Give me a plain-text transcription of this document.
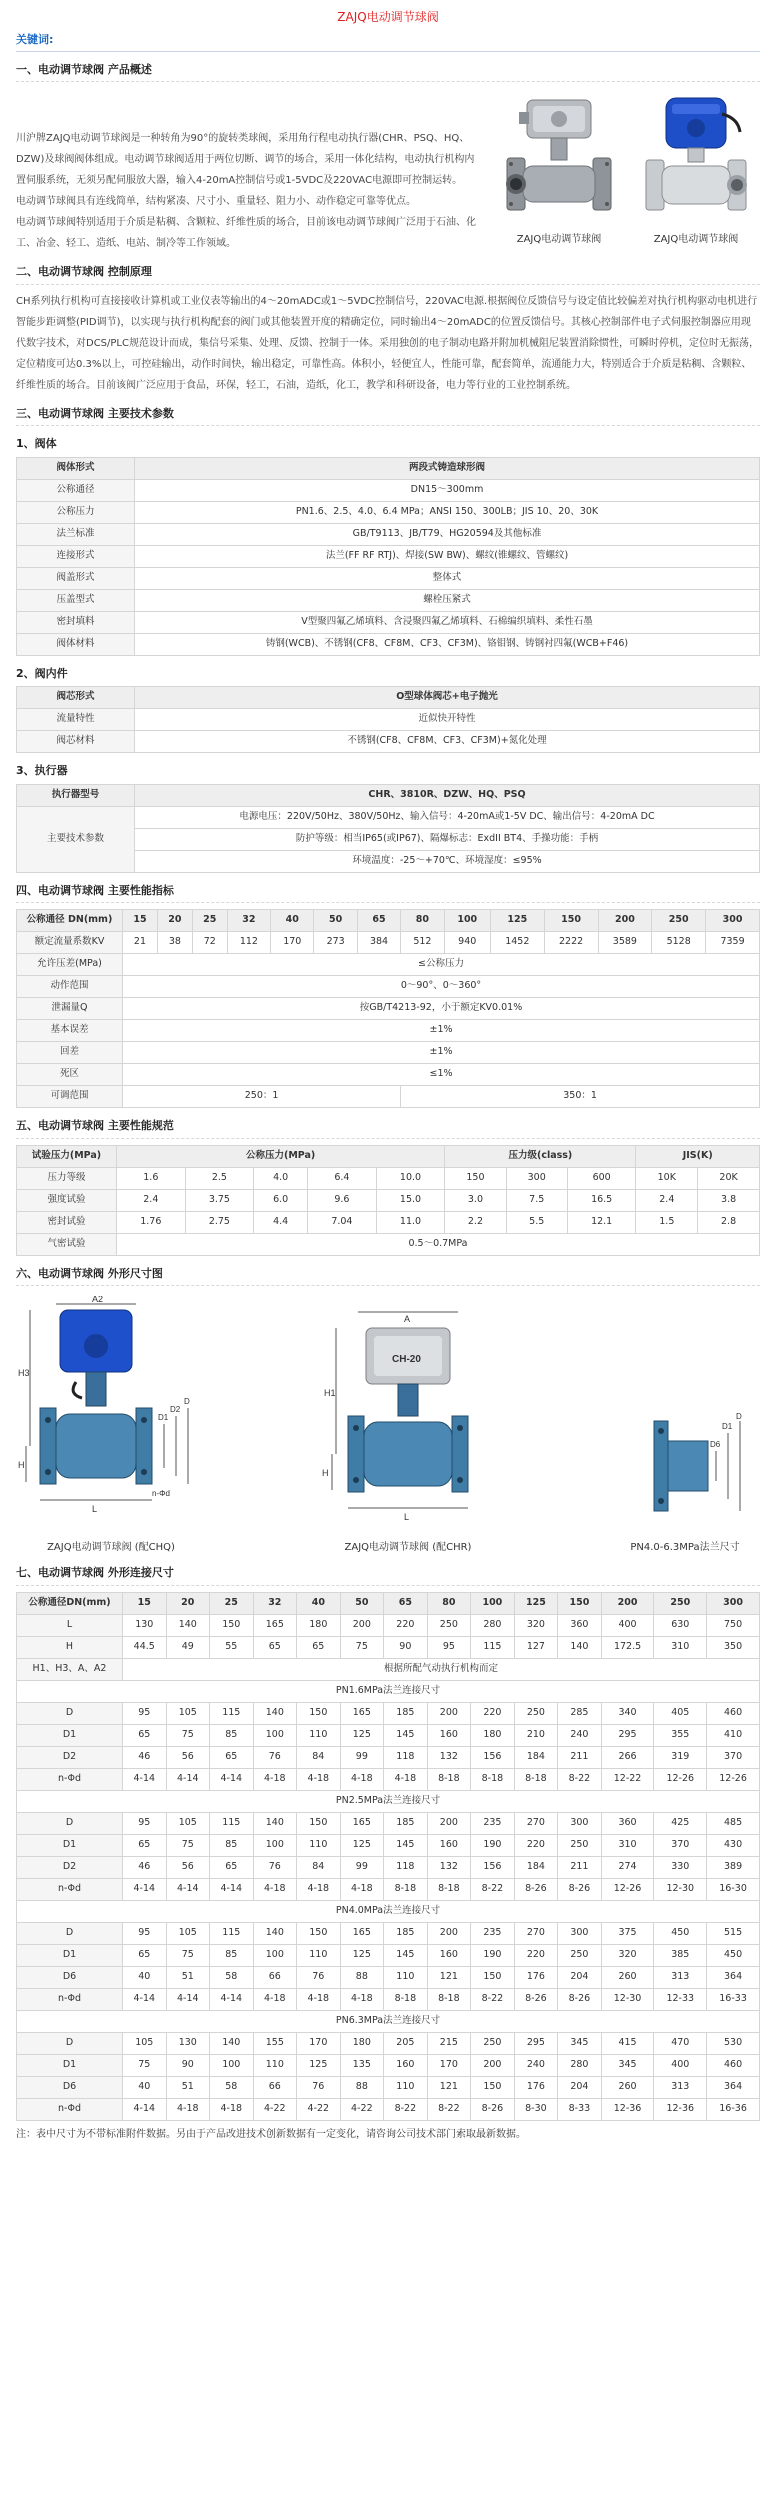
ZAJQ电动调节球阀
关键词:
一、电动调节球阀 产品概述

川沪牌ZAJQ电动调节球阀是一种转角为90°的旋转类球阀，采用角行程电动执行器(CHR、PSQ、HQ、DZW)及球阀阀体组成。电动调节球阀适用于两位切断、调节的场合，采用一体化结构，电动执行机构内置伺服系统，无须另配伺服放大器，输入4-20mA控制信号或1-5VDC及220VAC电源即可控制运转。

电动调节球阀具有连线简单，结构紧凑、尺寸小、重量轻、阻力小、动作稳定可靠等优点。

电动调节球阀特别适用于介质是粘稠、含颗粒、纤维性质的场合，目前该电动调节球阀广泛用于石油、化工、冶金、轻工、造纸、电站、制冷等工作领域。	ZAJQ电动调节球阀	ZAJQ电动调节球阀
二、电动调节球阀 控制原理

CH系列执行机构可直接接收计算机或工业仪表等输出的4～20mADC或1～5VDC控制信号，220VAC电源.根据阀位反馈信号与设定值比较偏差对执行机构驱动电机进行智能步距调整(PID调节)，以实现与执行机构配套的阀门或其他装置开度的精确定位，同时输出4～20mADC的位置反馈信号。其核心控制部件电子式伺服控制器应用现代数字技术，对DCS/PLC规范设计而成，集信号采集、处理、反馈、控制于一体。采用独创的电子制动电路并附加机械阻尼装置消除惯性，可瞬时停机，定位时无振荡，定位精度可达0.3%以上，可控硅输出，动作时间快，输出稳定，可靠性高。体积小，轻便宜人，性能可靠，配套简单，流通能力大，特别适合于介质是粘稠、含颗粒、纤维性质的场合。目前该阀广泛应用于食品，环保，轻工，石油，造纸，化工，教学和科研设备，电力等行业的工业控制系统。

三、电动调节球阀 主要技术参数
1、阀体
阀体形式	两段式铸造球形阀
公称通径	DN15～300mm
公称压力	PN1.6、2.5、4.0、6.4 MPa；ANSI 150、300LB；JIS 10、20、30K
法兰标准	GB/T9113、JB/T79、HG20594及其他标准
连接形式	法兰(FF RF RTJ)、焊接(SW BW)、螺纹(锥螺纹、管螺纹)
阀盖形式	整体式
压盖型式	螺栓压紧式
密封填料	V型聚四氟乙烯填料、含浸聚四氟乙烯填料、石棉编织填料、柔性石墨
阀体材料	铸钢(WCB)、不锈钢(CF8、CF8M、CF3、CF3M)、铬钼钢、铸钢衬四氟(WCB+F46)
2、阀内件
阀芯形式	O型球体阀芯+电子抛光
流量特性	近似快开特性
阀芯材料	不锈钢(CF8、CF8M、CF3、CF3M)+氮化处理
3、执行器
执行器型号	CHR、3810R、DZW、HQ、PSQ
主要技术参数	电源电压：220V/50Hz、380V/50Hz、输入信号：4-20mA或1-5V DC、输出信号：4-20mA DC
	防护等级：相当IP65(或IP67)、隔爆标志：ExdII BT4、手操功能：手柄
	环境温度：-25～+70℃、环境湿度：≤95%
四、电动调节球阀 主要性能指标
公称通径 DN(mm)	15	20	25	32	40	50	65	80	100	125	150	200	250	300
额定流量系数KV	21	38	72	112	170	273	384	512	940	1452	2222	3589	5128	7359
允许压差(MPa)	≤公称压力													
动作范围	0～90°、0～360°													
泄漏量Q	按GB/T4213-92，小于额定KV0.01%													
基本误差	±1%													
回差	±1%													
死区	≤1%													
可调范围	250：1							350：1						
五、电动调节球阀 主要性能规范
试验压力(MPa)	公称压力(MPa)					压力级(class)			JIS(K)	
压力等级	1.6	2.5	4.0	6.4	10.0	150	300	600	10K	20K
强度试验	2.4	3.75	6.0	9.6	15.0	3.0	7.5	16.5	2.4	3.8
密封试验	1.76	2.75	4.4	7.04	11.0	2.2	5.5	12.1	1.5	2.8
气密试验	0.5～0.7MPa									
六、电动调节球阀 外形尺寸图
A2
H3
H
L
D1
D2
D
n-Φd
ZAJQ电动调节球阀 (配CHQ)
A
CH-20
H1
H
L
ZAJQ电动调节球阀 (配CHR)
D6
D1
D
PN4.0-6.3MPa法兰尺寸
七、电动调节球阀 外形连接尺寸
公称通径DN(mm)	15	20	25	32	40	50	65	80	100	125	150	200	250	300
L	130	140	150	165	180	200	220	250	280	320	360	400	630	750
H	44.5	49	55	65	65	75	90	95	115	127	140	172.5	310	350
H1、H3、A、A2	根据所配气动执行机构而定													
PN1.6MPa法兰连接尺寸														
D	95	105	115	140	150	165	185	200	220	250	285	340	405	460
D1	65	75	85	100	110	125	145	160	180	210	240	295	355	410
D2	46	56	65	76	84	99	118	132	156	184	211	266	319	370
n-Φd	4-14	4-14	4-14	4-18	4-18	4-18	4-18	8-18	8-18	8-18	8-22	12-22	12-26	12-26
PN2.5MPa法兰连接尺寸														
D	95	105	115	140	150	165	185	200	235	270	300	360	425	485
D1	65	75	85	100	110	125	145	160	190	220	250	310	370	430
D2	46	56	65	76	84	99	118	132	156	184	211	274	330	389
n-Φd	4-14	4-14	4-14	4-18	4-18	4-18	8-18	8-18	8-22	8-26	8-26	12-26	12-30	16-30
PN4.0MPa法兰连接尺寸														
D	95	105	115	140	150	165	185	200	235	270	300	375	450	515
D1	65	75	85	100	110	125	145	160	190	220	250	320	385	450
D6	40	51	58	66	76	88	110	121	150	176	204	260	313	364
n-Φd	4-14	4-14	4-14	4-18	4-18	4-18	8-18	8-18	8-22	8-26	8-26	12-30	12-33	16-33
PN6.3MPa法兰连接尺寸														
D	105	130	140	155	170	180	205	215	250	295	345	415	470	530
D1	75	90	100	110	125	135	160	170	200	240	280	345	400	460
D6	40	51	58	66	76	88	110	121	150	176	204	260	313	364
n-Φd	4-14	4-18	4-18	4-22	4-22	4-22	8-22	8-22	8-26	8-30	8-33	12-36	12-36	16-36
注：表中尺寸为不带标准附件数据。另由于产品改进技术创新数据有一定变化，请咨询公司技术部门索取最新数据。
